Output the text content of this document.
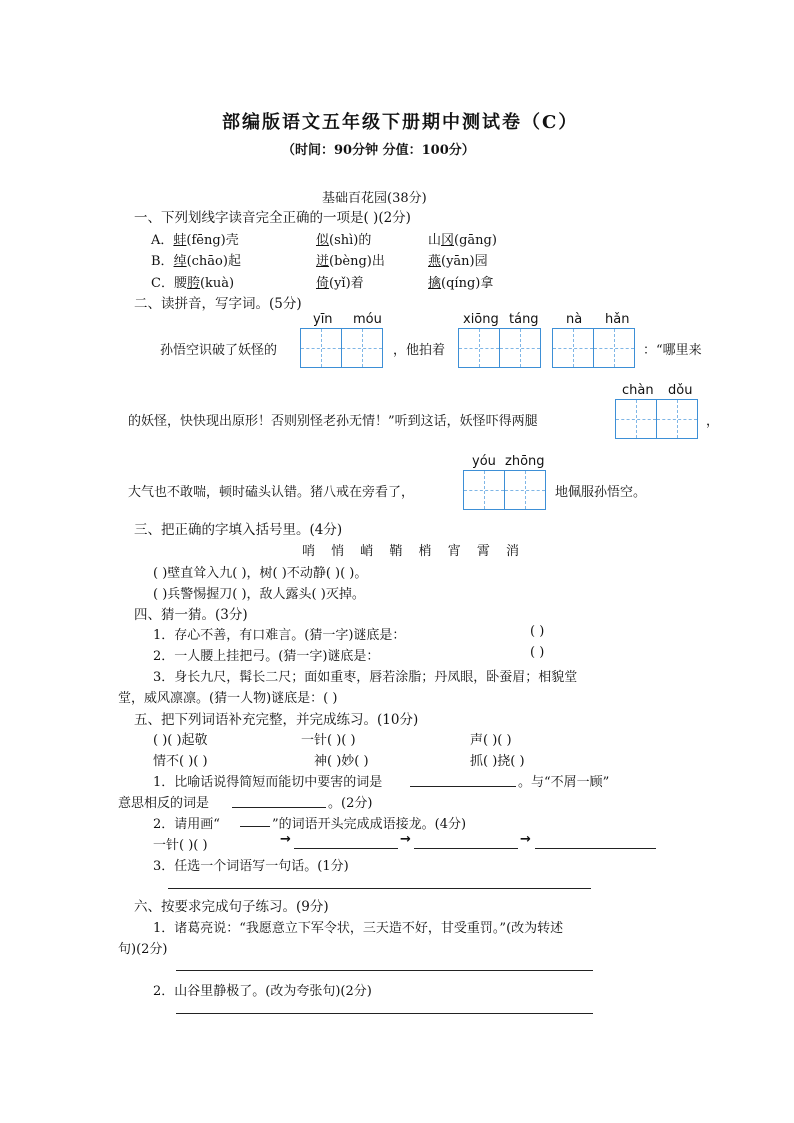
部编版语文五年级下册期中测试卷（C）
（时间：90分钟 分值：100分）
基础百花园(38分)
一、下列划线字读音完全正确的一项是( )(2分)
A．蚌(fēng)壳	似(shì)的	山冈(gāng)
B．绰(chāo)起	迸(bèng)出	燕(yān)园
C．腰胯(kuà)	倚(yǐ)着	擒(qíng)拿
二、读拼音，写字词。(5分)
yīn móu	xiōng táng nà hǎn
孙悟空识破了妖怪的	，他拍着	：“哪里来
chàn dǒu
的妖怪，快快现出原形！否则别怪老孙无情！”听到这话，妖怪吓得两腿	，
yóu zhōng
大气也不敢喘，顿时磕头认错。猪八戒在旁看了，	地佩服孙悟空。
三、把正确的字填入括号里。(4分)
哨 悄 峭 鞘 梢 宵 霄 消
( )壁直耸入九( )，树( )不动静( )( )。
( )兵警惕握刀( )，敌人露头( )灭掉。
四、猜一猜。(3分)
1．存心不善，有口难言。(猜一字)谜底是：	( )
2．一人腰上挂把弓。(猜一字)谜底是：	( )
3．身长九尺，髯长二尺；面如重枣，唇若涂脂；丹凤眼，卧蚕眉；相貌堂
堂，威风凛凛。(猜一人物)谜底是：( )
五、把下列词语补充完整，并完成练习。(10分)
( )( )起敬	一针( )( )	声( )( )
情不( )( )	神( )妙( )	抓( )挠( )
1．比喻话说得简短而能切中要害的词是	。与“不屑一顾”
意思相反的词是	。(2分)
2．请用画“	”的词语开头完成成语接龙。(4分)
一针( )( )	→	→	→
3．任选一个词语写一句话。(1分)
六、按要求完成句子练习。(9分)
1．诸葛亮说：“我愿意立下军令状，三天造不好，甘受重罚。”(改为转述
句)(2分)
2．山谷里静极了。(改为夸张句)(2分)
